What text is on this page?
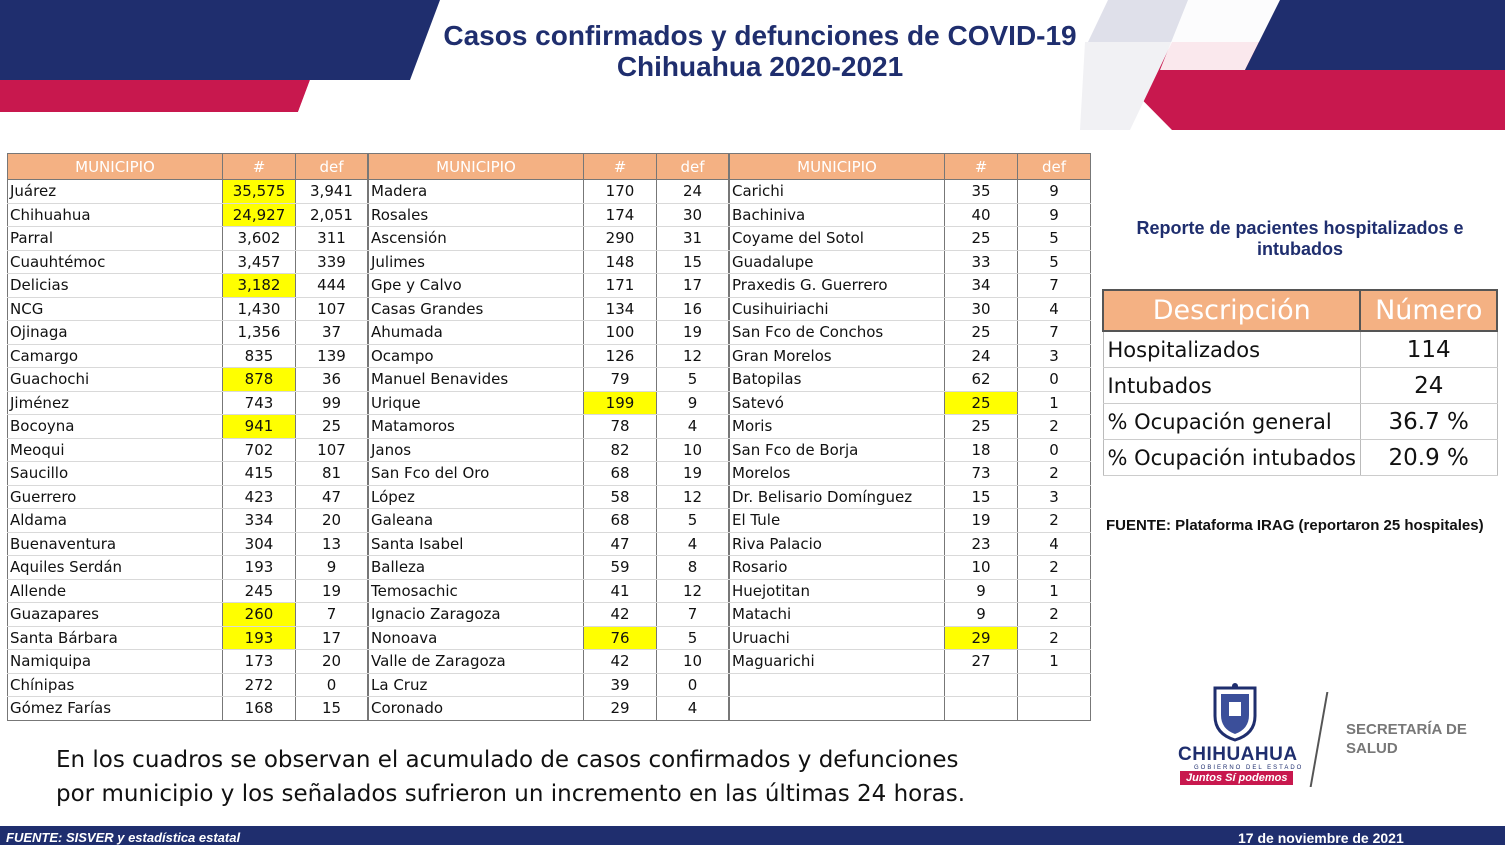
Casos confirmados y defunciones de COVID-19
Chihuahua 2020-2021
MUNICIPIO	#	def
Juárez	35,575	3,941
Chihuahua	24,927	2,051
Parral	3,602	311
Cuauhtémoc	3,457	339
Delicias	3,182	444
NCG	1,430	107
Ojinaga	1,356	37
Camargo	835	139
Guachochi	878	36
Jiménez	743	99
Bocoyna	941	25
Meoqui	702	107
Saucillo	415	81
Guerrero	423	47
Aldama	334	20
Buenaventura	304	13
Aquiles Serdán	193	9
Allende	245	19
Guazapares	260	7
Santa Bárbara	193	17
Namiquipa	173	20
Chínipas	272	0
Gómez Farías	168	15
MUNICIPIO	#	def
Madera	170	24
Rosales	174	30
Ascensión	290	31
Julimes	148	15
Gpe y Calvo	171	17
Casas Grandes	134	16
Ahumada	100	19
Ocampo	126	12
Manuel Benavides	79	5
Urique	199	9
Matamoros	78	4
Janos	82	10
San Fco del Oro	68	19
López	58	12
Galeana	68	5
Santa Isabel	47	4
Balleza	59	8
Temosachic	41	12
Ignacio Zaragoza	42	7
Nonoava	76	5
Valle de Zaragoza	42	10
La Cruz	39	0
Coronado	29	4
MUNICIPIO	#	def
Carichi	35	9
Bachiniva	40	9
Coyame del Sotol	25	5
Guadalupe	33	5
Praxedis G. Guerrero	34	7
Cusihuiriachi	30	4
San Fco de Conchos	25	7
Gran Morelos	24	3
Batopilas	62	0
Satevó	25	1
Moris	25	2
San Fco de Borja	18	0
Morelos	73	2
Dr. Belisario Domínguez	15	3
El Tule	19	2
Riva Palacio	23	4
Rosario	10	2
Huejotitan	9	1
Matachi	9	2
Uruachi	29	2
Maguarichi	27	1

Reporte de pacientes hospitalizados e
intubados
Descripción	Número
Hospitalizados	114
Intubados	24
% Ocupación general	36.7 %
% Ocupación intubados	20.9 %
FUENTE: Plataforma IRAG (reportaron 25 hospitales)
En los cuadros se observan el acumulado de casos confirmados y defunciones
por municipio y los señalados sufrieron un incremento en las últimas 24 horas.
CHIHUAHUA
GOBIERNO DEL ESTADO
Juntos Sí podemos
SECRETARÍA DE
SALUD
FUENTE: SISVER y estadística estatal	17 de noviembre de 2021
